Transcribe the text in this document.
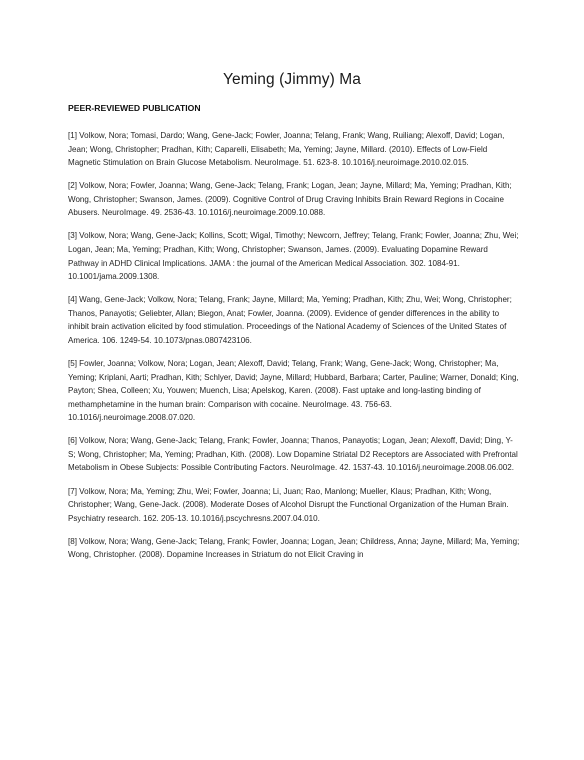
Yeming (Jimmy) Ma
PEER-REVIEWED PUBLICATION

[1] Volkow, Nora; Tomasi, Dardo; Wang, Gene-Jack; Fowler, Joanna; Telang, Frank; Wang, Ruiliang; Alexoff, David; Logan, Jean; Wong, Christopher; Pradhan, Kith; Caparelli, Elisabeth; Ma, Yeming; Jayne, Millard. (2010). Effects of Low-Field Magnetic Stimulation on Brain Glucose Metabolism. NeuroImage. 51. 623-8. 10.1016/j.neuroimage.2010.02.015.

[2] Volkow, Nora; Fowler, Joanna; Wang, Gene-Jack; Telang, Frank; Logan, Jean; Jayne, Millard; Ma, Yeming; Pradhan, Kith; Wong, Christopher; Swanson, James. (2009). Cognitive Control of Drug Craving Inhibits Brain Reward Regions in Cocaine Abusers. NeuroImage. 49. 2536-43. 10.1016/j.neuroimage.2009.10.088.

[3] Volkow, Nora; Wang, Gene-Jack; Kollins, Scott; Wigal, Timothy; Newcorn, Jeffrey; Telang, Frank; Fowler, Joanna; Zhu, Wei; Logan, Jean; Ma, Yeming; Pradhan, Kith; Wong, Christopher; Swanson, James. (2009). Evaluating Dopamine Reward Pathway in ADHD Clinical Implications. JAMA : the journal of the American Medical Association. 302. 1084-91. 10.1001/jama.2009.1308.

[4] Wang, Gene-Jack; Volkow, Nora; Telang, Frank; Jayne, Millard; Ma, Yeming; Pradhan, Kith; Zhu, Wei; Wong, Christopher; Thanos, Panayotis; Geliebter, Allan; Biegon, Anat; Fowler, Joanna. (2009). Evidence of gender differences in the ability to inhibit brain activation elicited by food stimulation. Proceedings of the National Academy of Sciences of the United States of America. 106. 1249-54. 10.1073/pnas.0807423106.

[5] Fowler, Joanna; Volkow, Nora; Logan, Jean; Alexoff, David; Telang, Frank; Wang, Gene-Jack; Wong, Christopher; Ma, Yeming; Kriplani, Aarti; Pradhan, Kith; Schlyer, David; Jayne, Millard; Hubbard, Barbara; Carter, Pauline; Warner, Donald; King, Payton; Shea, Colleen; Xu, Youwen; Muench, Lisa; Apelskog, Karen. (2008). Fast uptake and long-lasting binding of methamphetamine in the human brain: Comparison with cocaine. NeuroImage. 43. 756-63. 10.1016/j.neuroimage.2008.07.020.

[6] Volkow, Nora; Wang, Gene-Jack; Telang, Frank; Fowler, Joanna; Thanos, Panayotis; Logan, Jean; Alexoff, David; Ding, Y-S; Wong, Christopher; Ma, Yeming; Pradhan, Kith. (2008). Low Dopamine Striatal D2 Receptors are Associated with Prefrontal Metabolism in Obese Subjects: Possible Contributing Factors. NeuroImage. 42. 1537-43. 10.1016/j.neuroimage.2008.06.002.

[7] Volkow, Nora; Ma, Yeming; Zhu, Wei; Fowler, Joanna; Li, Juan; Rao, Manlong; Mueller, Klaus; Pradhan, Kith; Wong, Christopher; Wang, Gene-Jack. (2008). Moderate Doses of Alcohol Disrupt the Functional Organization of the Human Brain. Psychiatry research. 162. 205-13. 10.1016/j.pscychresns.2007.04.010.

[8] Volkow, Nora; Wang, Gene-Jack; Telang, Frank; Fowler, Joanna; Logan, Jean; Childress, Anna; Jayne, Millard; Ma, Yeming; Wong, Christopher. (2008). Dopamine Increases in Striatum do not Elicit Craving in
